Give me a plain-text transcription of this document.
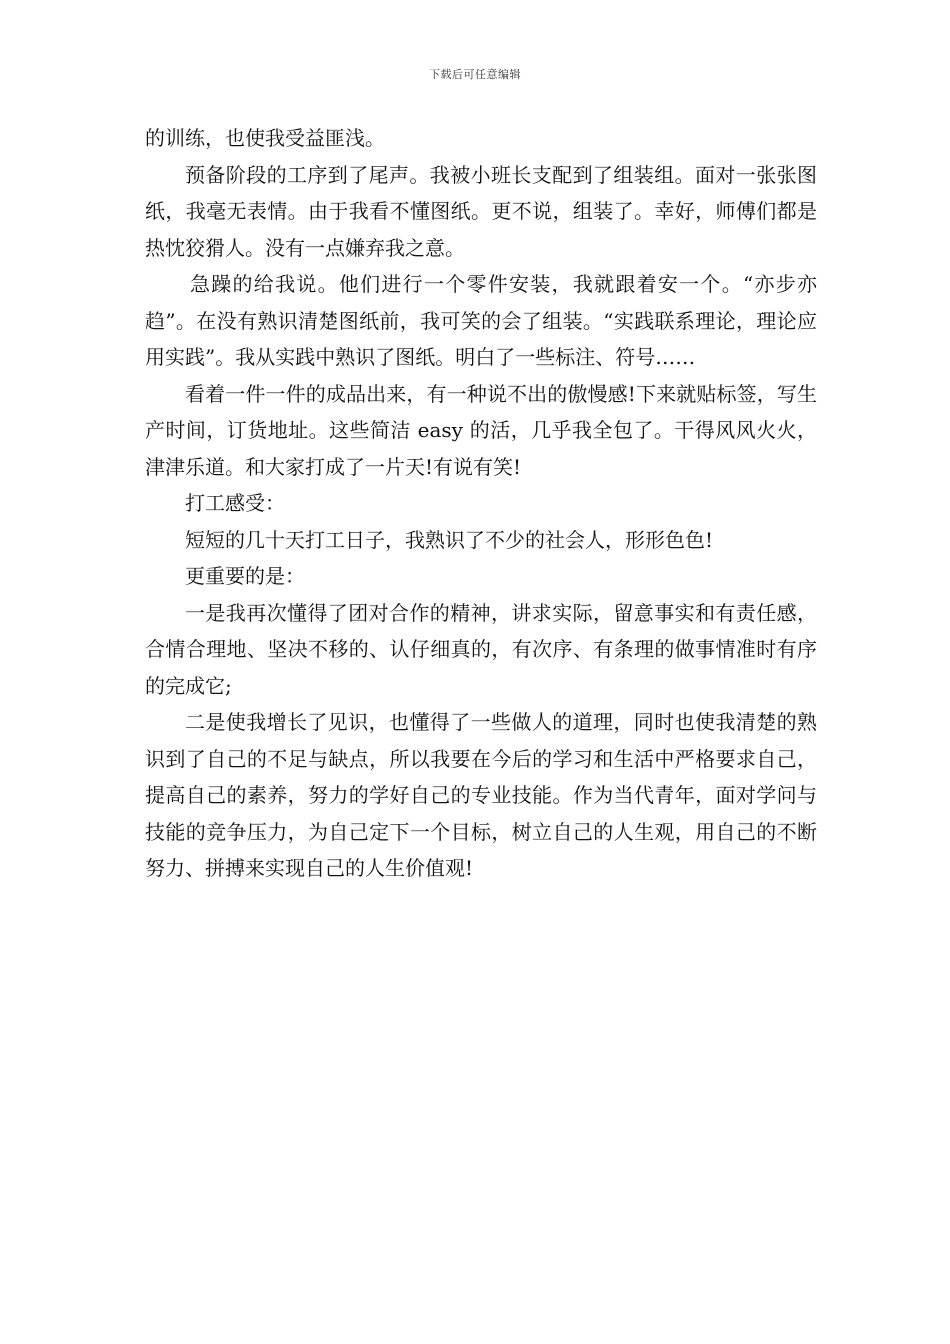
下载后可任意编辑

的训练，也使我受益匪浅。

预备阶段的工序到了尾声。我被小班长支配到了组装组。面对一张张图纸，我毫无表情。由于我看不懂图纸。更不说，组装了。幸好，师傅们都是热忱狡猾人。没有一点嫌弃我之意。

急躁的给我说。他们进行一个零件安装，我就跟着安一个。“亦步亦趋”。在没有熟识清楚图纸前，我可笑的会了组装。“实践联系理论，理论应用实践”。我从实践中熟识了图纸。明白了一些标注、符号……

看着一件一件的成品出来，有一种说不出的傲慢感!下来就贴标签，写生产时间，订货地址。这些简洁 easy 的活，几乎我全包了。干得风风火火，津津乐道。和大家打成了一片天!有说有笑!

打工感受：

短短的几十天打工日子，我熟识了不少的社会人，形形色色!

更重要的是：

一是我再次懂得了团对合作的精神，讲求实际，留意事实和有责任感，合情合理地、坚决不移的、认仔细真的，有次序、有条理的做事情准时有序的完成它;

二是使我增长了见识，也懂得了一些做人的道理，同时也使我清楚的熟识到了自己的不足与缺点，所以我要在今后的学习和生活中严格要求自己，提高自己的素养，努力的学好自己的专业技能。作为当代青年，面对学问与技能的竞争压力，为自己定下一个目标，树立自己的人生观，用自己的不断努力、拼搏来实现自己的人生价值观!
